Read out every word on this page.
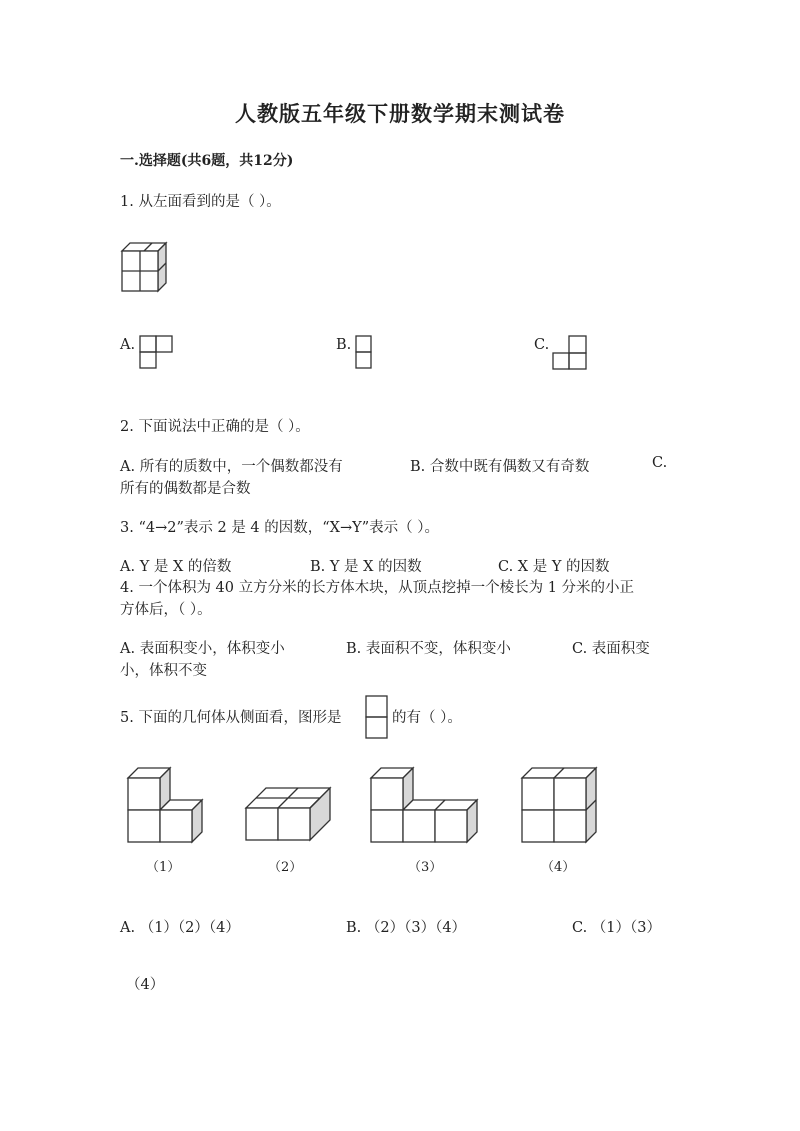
人教版五年级下册数学期末测试卷
一.选择题(共6题，共12分)
1. 从左面看到的是（ ）。
A.	B.	C.
2. 下面说法中正确的是（ ）。
A. 所有的质数中，一个偶数都没有	B. 合数中既有偶数又有奇数	C.
所有的偶数都是合数
3. “4→2”表示 2 是 4 的因数，“X→Y”表示（ ）。
A. Y 是 X 的倍数	B. Y 是 X 的因数	C. X 是 Y 的因数
4. 一个体积为 40 立方分米的长方体木块，从顶点挖掉一个棱长为 1 分米的小正
方体后，（ ）。
A. 表面积变小，体积变小	B. 表面积不变，体积变小	C. 表面积变
小，体积不变
5. 下面的几何体从侧面看，图形是	的有（ ）。
（1）	（2）	（3）	（4）
A. （1）（2）（4）	B. （2）（3）（4）	C. （1）（3）
（4）
